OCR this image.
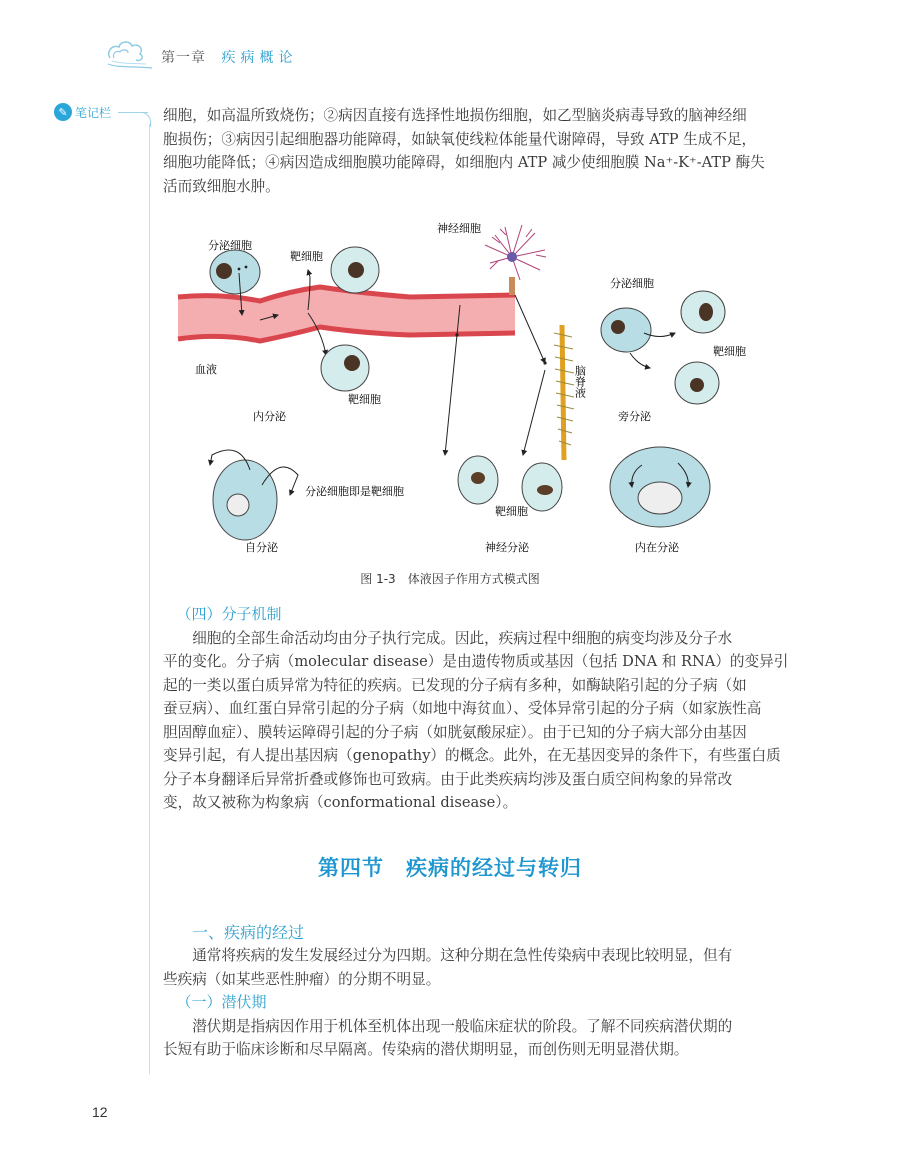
第一章 疾病概论
✎ 笔记栏	细胞，如高温所致烧伤；②病因直接有选择性地损伤细胞，如乙型脑炎病毒导致的脑神经细

胞损伤；③病因引起细胞器功能障碍，如缺氧使线粒体能量代谢障碍，导致 ATP 生成不足，

细胞功能降低；④病因造成细胞膜功能障碍，如细胞内 ATP 减少使细胞膜 Na⁺-K⁺-ATP 酶失

活而致细胞水肿。

分泌细胞
靶细胞
血液
靶细胞
内分泌
神经细胞
脑脊液
分泌细胞
靶细胞
旁分泌
分泌细胞即是靶细胞
自分泌
靶细胞
神经分泌	内在分泌
图 1-3　体液因子作用方式模式图

（四）分子机制

细胞的全部生命活动均由分子执行完成。因此，疾病过程中细胞的病变均涉及分子水

平的变化。分子病（molecular disease）是由遗传物质或基因（包括 DNA 和 RNA）的变异引

起的一类以蛋白质异常为特征的疾病。已发现的分子病有多种，如酶缺陷引起的分子病（如

蚕豆病）、血红蛋白异常引起的分子病（如地中海贫血）、受体异常引起的分子病（如家族性高

胆固醇血症）、膜转运障碍引起的分子病（如胱氨酸尿症）。由于已知的分子病大部分由基因

变异引起，有人提出基因病（genopathy）的概念。此外，在无基因变异的条件下，有些蛋白质

分子本身翻译后异常折叠或修饰也可致病。由于此类疾病均涉及蛋白质空间构象的异常改

变，故又被称为构象病（conformational disease）。

第四节　疾病的经过与转归
一、疾病的经过

通常将疾病的发生发展经过分为四期。这种分期在急性传染病中表现比较明显，但有

些疾病（如某些恶性肿瘤）的分期不明显。

（一）潜伏期

潜伏期是指病因作用于机体至机体出现一般临床症状的阶段。了解不同疾病潜伏期的

长短有助于临床诊断和尽早隔离。传染病的潜伏期明显，而创伤则无明显潜伏期。

12
